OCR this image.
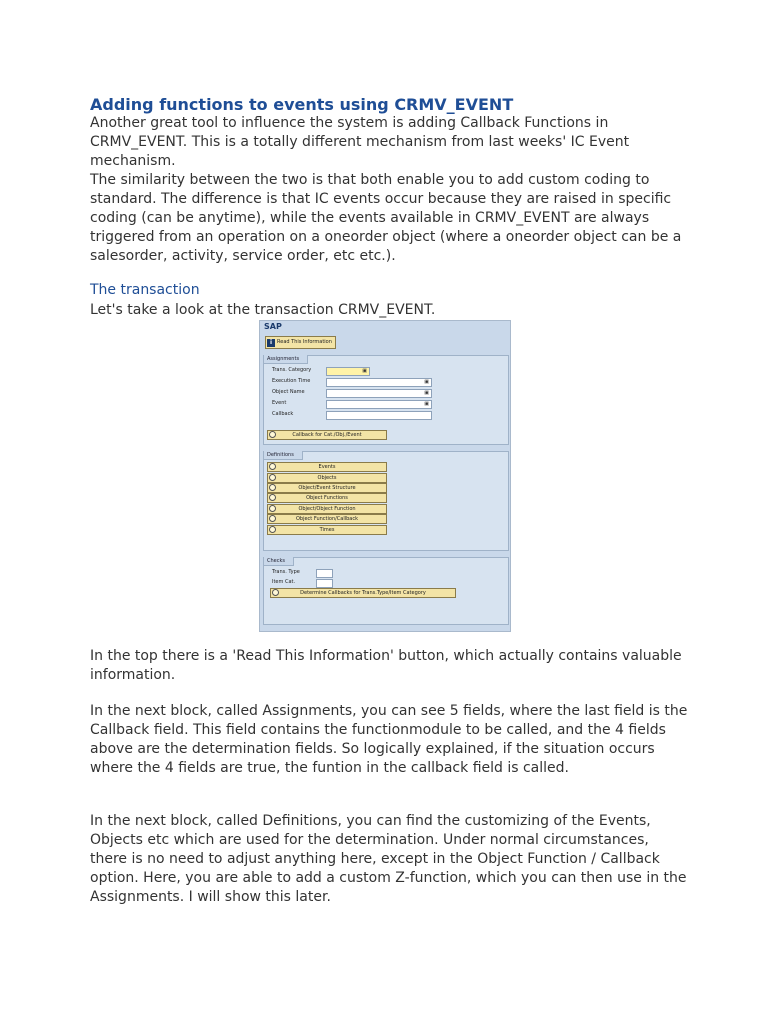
Adding functions to events using CRMV_EVENT

Another great tool to influence the system is adding Callback Functions in CRMV_EVENT. This is a totally different mechanism from last weeks' IC Event mechanism.

The similarity between the two is that both enable you to add custom coding to standard. The difference is that IC events occur because they are raised in specific coding (can be anytime), while the events available in CRMV_EVENT are always triggered from an operation on a oneorder object (where a oneorder object can be a salesorder, activity, service order, etc etc.).

The transaction

Let's take a look at the transaction CRMV_EVENT.

SAP
i Read This Information
Assignments
Trans. Category	▣
Execution Time	▣
Object Name	▣
Event	▣
Callback
Callback for Cat./Obj./Event
Definitions
Events
Objects
Object/Event Structure
Object Functions
Object/Object Function
Object Function/Callback
Times
Checks
Trans. Type
Item Cat.
Determine Callbacks for Trans.Type/Item Category

In the top there is a 'Read This Information' button, which actually contains valuable information.

In the next block, called Assignments, you can see 5 fields, where the last field is the Callback field. This field contains the functionmodule to be called, and the 4 fields above are the determination fields. So logically explained, if the situation occurs where the 4 fields are true, the funtion in the callback field is called.

In the next block, called Definitions, you can find the customizing of the Events, Objects etc which are used for the determination. Under normal circumstances, there is no need to adjust anything here, except in the Object Function / Callback option. Here, you are able to add a custom Z-function, which you can then use in the Assignments. I will show this later.
